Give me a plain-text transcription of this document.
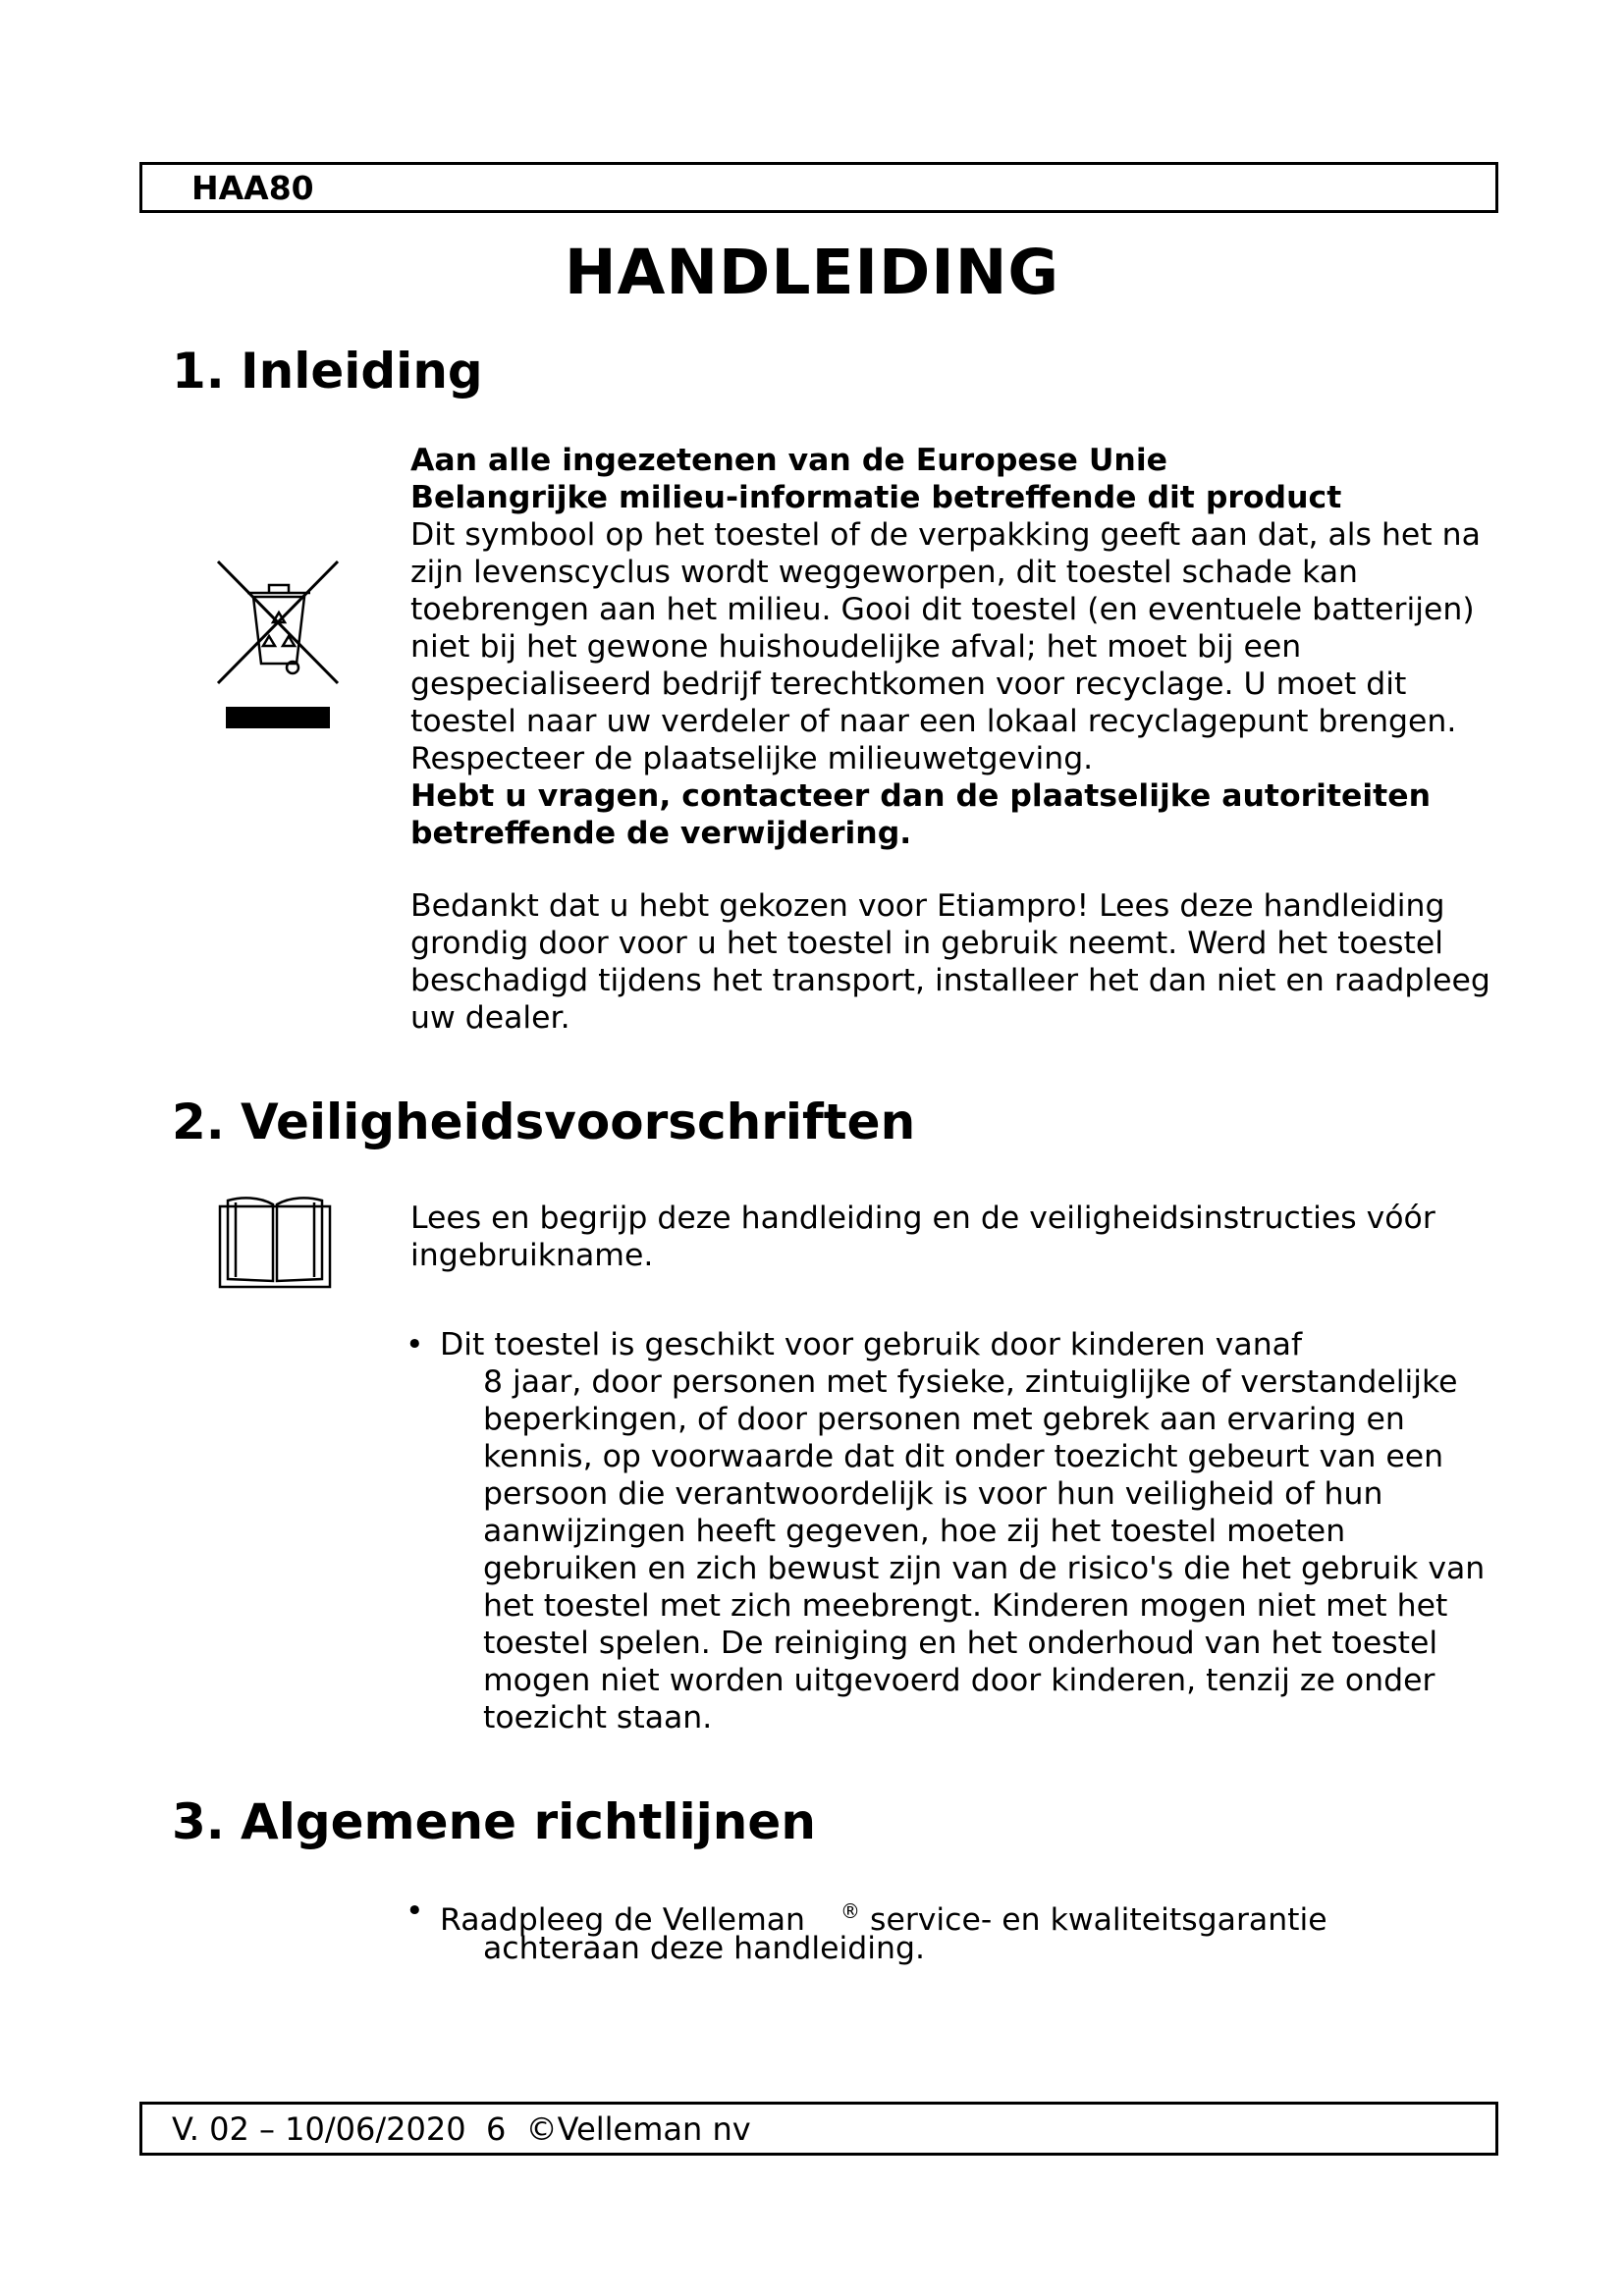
HAA80
HANDLEIDING
1. Inleiding

Aan alle ingezetenen van de Europese Unie

Belangrijke milieu-informatie betreffende dit product

Dit symbool op het toestel of de verpakking geeft aan dat, als het na zijn levenscyclus wordt weggeworpen, dit toestel schade kan toebrengen aan het milieu. Gooi dit toestel (en eventuele batterijen) niet bij het gewone huishoudelijke afval; het moet bij een gespecialiseerd bedrijf terechtkomen voor recyclage. U moet dit toestel naar uw verdeler of naar een lokaal recyclagepunt brengen. Respecteer de plaatselijke milieuwetgeving.

Hebt u vragen, contacteer dan de plaatselijke autoriteiten betreffende de verwijdering.

Bedankt dat u hebt gekozen voor Etiampro! Lees deze handleiding grondig door voor u het toestel in gebruik neemt. Werd het toestel beschadigd tijdens het transport, installeer het dan niet en raadpleeg uw dealer.

2. Veiligheidsvoorschriften

Lees en begrijp deze handleiding en de veiligheidsinstructies vóór ingebruikname.

• Dit toestel is geschikt voor gebruik door kinderen vanaf
8 jaar, door personen met fysieke, zintuiglijke of verstandelijke beperkingen, of door personen met gebrek aan ervaring en kennis, op voorwaarde dat dit onder toezicht gebeurt van een persoon die verantwoordelijk is voor hun veiligheid of hun aanwijzingen heeft gegeven, hoe zij het toestel moeten gebruiken en zich bewust zijn van de risico's die het gebruik van het toestel met zich meebrengt. Kinderen mogen niet met het toestel spelen. De reiniging en het onderhoud van het toestel mogen niet worden uitgevoerd door kinderen, tenzij ze onder toezicht staan.
3. Algemene richtlijnen
• Raadpleeg de Velleman ® service- en kwaliteitsgarantie
achteraan deze handleiding.
V. 02 – 10/06/2020  6  ©Velleman nv
